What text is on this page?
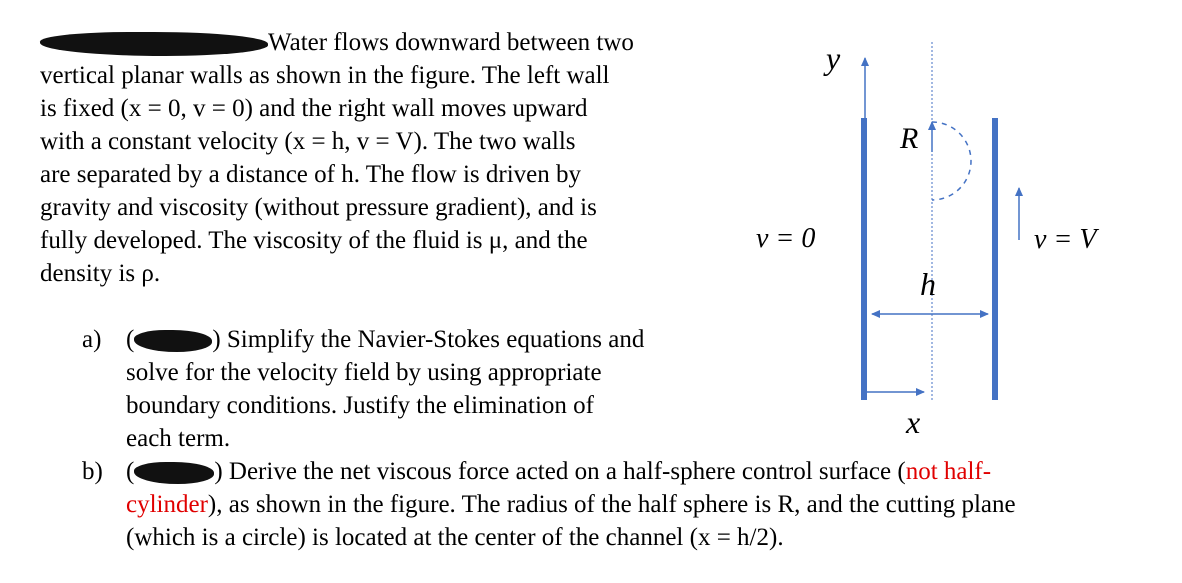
Water flows downward between two
vertical planar walls as shown in the figure. The left wall
is fixed (x = 0, v = 0) and the right wall moves upward
with a constant velocity (x = h, v = V). The two walls
are separated by a distance of h. The flow is driven by
gravity and viscosity (without pressure gradient), and is
fully developed. The viscosity of the fluid is μ, and the
density is ρ.
a) (	) Simplify the Navier-Stokes equations and
solve for the velocity field by using appropriate
boundary conditions. Justify the elimination of
each term.
b) (	) Derive the net viscous force acted on a half-sphere control surface (not half-
cylinder), as shown in the figure. The radius of the half sphere is R, and the cutting plane
(which is a circle) is located at the center of the channel (x = h/2).
y
R
v = 0	v = V
h
x
